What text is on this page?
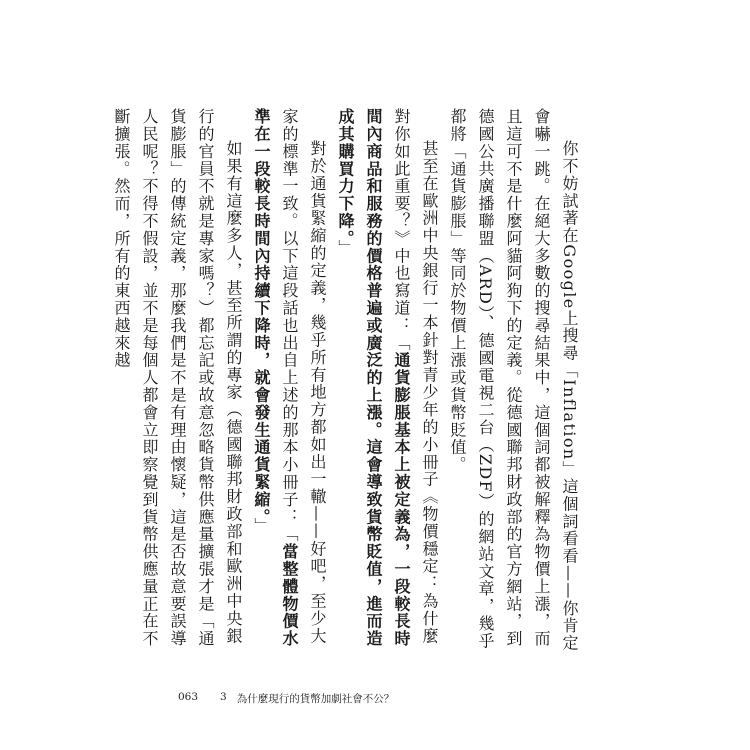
你不妨試著在Google上搜尋「Inflation」這個詞看看——你肯定會嚇一跳。在絕大多數的搜尋結果中，這個詞都被解釋為物價上漲，而且這可不是什麼阿貓阿狗下的定義。從德國聯邦財政部的官方網站，到德國公共廣播聯盟（ARD）、德國電視二台（ZDF）的網站文章，幾乎都將「通貨膨脹」等同於物價上漲或貨幣貶值。

甚至在歐洲中央銀行一本針對青少年的小冊子《物價穩定：為什麼對你如此重要？》中也寫道：「通貨膨脹基本上被定義為，一段較長時間內商品和服務的價格普遍或廣泛的上漲。這會導致貨幣貶值，進而造成其購買力下降。」

對於通貨緊縮的定義，幾乎所有地方都如出一轍——好吧，至少大家的標準一致。以下這段話也出自上述的那本小冊子：「當整體物價水準在一段較長時間內持續下降時，就會發生通貨緊縮。」

如果有這麼多人，甚至所謂的專家（德國聯邦財政部和歐洲中央銀行的官員不就是專家嗎？）都忘記或故意忽略貨幣供應量擴張才是「通貨膨脹」的傳統定義，那麼我們是不是有理由懷疑，這是否故意要誤導人民呢？不得不假設，並不是每個人都會立即察覺到貨幣供應量正在不斷擴張。然而，所有的東西越來越

063 3 為什麼現行的貨幣加劇社會不公？
